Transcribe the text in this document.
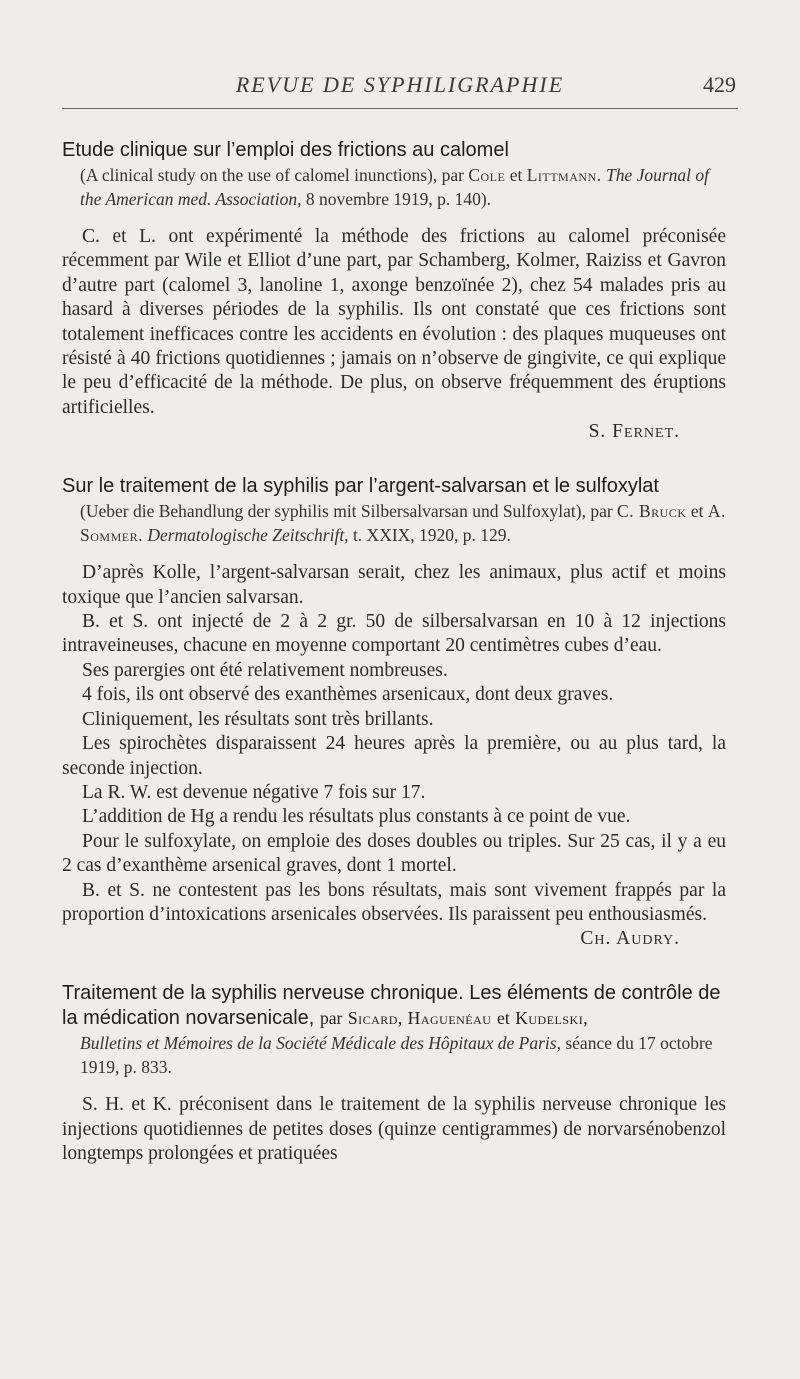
REVUE DE SYPHILIGRAPHIE	429

Etude clinique sur l’emploi des frictions au calomel

(A clinical study on the use of calomel inunctions), par Cole et Littmann. The Journal of the American med. Association, 8 novembre 1919, p. 140).

C. et L. ont expérimenté la méthode des frictions au calomel préconisée récemment par Wile et Elliot d’une part, par Schamberg, Kolmer, Raiziss et Gavron d’autre part (calomel 3, lanoline 1, axonge benzoïnée 2), chez 54 malades pris au hasard à diverses périodes de la syphilis. Ils ont constaté que ces frictions sont totalement inefficaces contre les accidents en évolution : des plaques muqueuses ont résisté à 40 frictions quotidiennes ; jamais on n’observe de gingivite, ce qui explique le peu d’efficacité de la méthode. De plus, on observe fréquemment des éruptions artificielles.

S. Fernet.

Sur le traitement de la syphilis par l’argent-salvarsan et le sulfoxylat

(Ueber die Behandlung der syphilis mit Silbersalvarsan und Sulfoxylat), par C. Bruck et A. Sommer. Dermatologische Zeitschrift, t. XXIX, 1920, p. 129.

D’après Kolle, l’argent-salvarsan serait, chez les animaux, plus actif et moins toxique que l’ancien salvarsan.

B. et S. ont injecté de 2 à 2 gr. 50 de silbersalvarsan en 10 à 12 injections intraveineuses, chacune en moyenne comportant 20 centimètres cubes d’eau.

Ses parergies ont été relativement nombreuses.

4 fois, ils ont observé des exanthèmes arsenicaux, dont deux graves.

Cliniquement, les résultats sont très brillants.

Les spirochètes disparaissent 24 heures après la première, ou au plus tard, la seconde injection.

La R. W. est devenue négative 7 fois sur 17.

L’addition de Hg a rendu les résultats plus constants à ce point de vue.

Pour le sulfoxylate, on emploie des doses doubles ou triples. Sur 25 cas, il y a eu 2 cas d’exanthème arsenical graves, dont 1 mortel.

B. et S. ne contestent pas les bons résultats, mais sont vivement frappés par la proportion d’intoxications arsenicales observées. Ils paraissent peu enthousiasmés.

Ch. Audry.

Traitement de la syphilis nerveuse chronique. Les éléments de contrôle de la médication novarsenicale, par Sicard, Haguenéau et Kudelski,

Bulletins et Mémoires de la Société Médicale des Hôpitaux de Paris, séance du 17 octobre 1919, p. 833.

S. H. et K. préconisent dans le traitement de la syphilis nerveuse chronique les injections quotidiennes de petites doses (quinze centigrammes) de norvarsénobenzol longtemps prolongées et pratiquées
